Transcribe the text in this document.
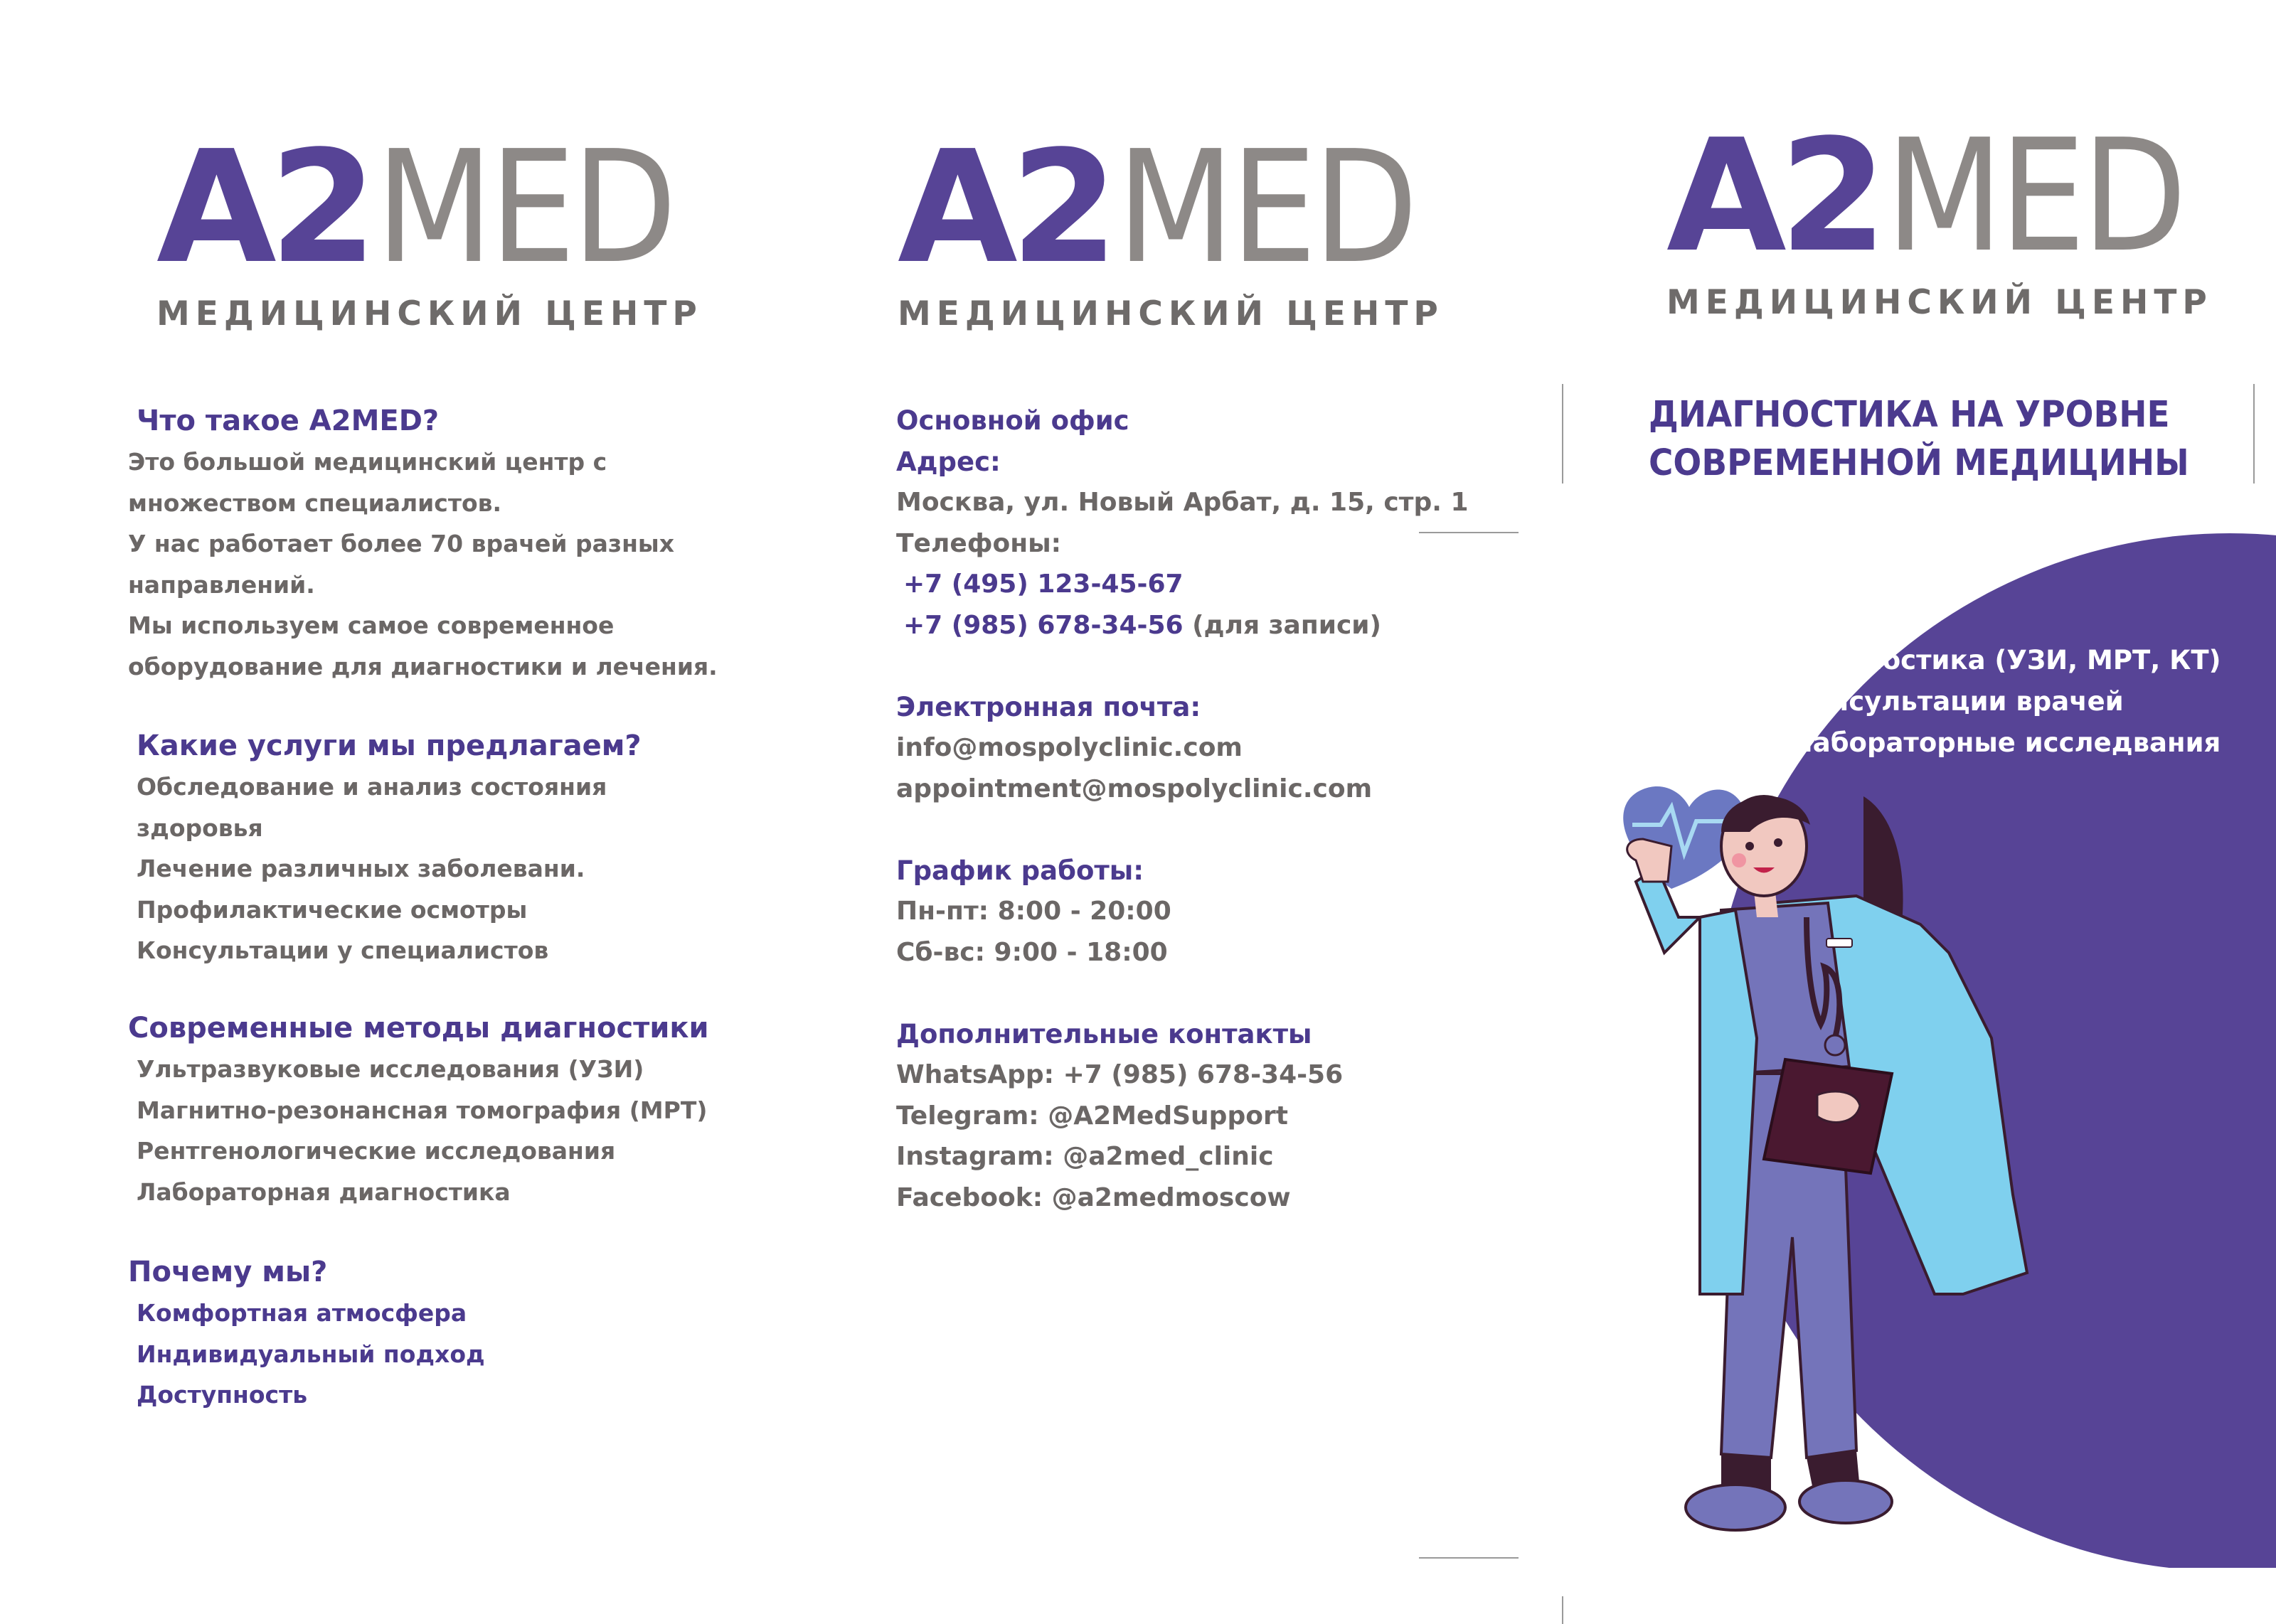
A2 MED
МЕДИЦИНСКИЙ ЦЕНТР
Что такое A2MED?
Это большой медицинский центр с
множеством специалистов.
У нас работает более 70 врачей разных
направлений.
Мы используем самое современное
оборудование для диагностики и лечения.
Какие услуги мы предлагаем?
Обследование и анализ состояния
здоровья
Лечение различных заболевани.
Профилактические осмотры
Консультации у специалистов
Современные методы диагностики
Ультразвуковые исследования (УЗИ)
Магнитно-резонансная томография (МРТ)
Рентгенологические исследования
Лабораторная диагностика
Почему мы?
Комфортная атмосфера
Индивидуальный подход
Доступность
A2 MED
МЕДИЦИНСКИЙ ЦЕНТР
Основной офис
Адрес:
Москва, ул. Новый Арбат, д. 15, стр. 1
Телефоны:
+7 (495) 123-45-67
+7 (985) 678-34-56 (для записи)
Электронная почта:
info@mospolyclinic.com
appointment@mospolyclinic.com
График работы:
Пн-пт: 8:00 - 20:00
Сб-вс: 9:00 - 18:00
Дополнительные контакты
WhatsApp: +7 (985) 678-34-56
Telegram: @A2MedSupport
Instagram: @a2med_clinic
Facebook: @a2medmoscow
A2 MED
МЕДИЦИНСКИЙ ЦЕНТР
ДИАГНОСТИКА НА УРОВНЕ
СОВРЕМЕННОЙ МЕДИЦИНЫ
Диагностика (УЗИ, МРТ, КТ)
Консультации врачей
Лабораторные исследвания
